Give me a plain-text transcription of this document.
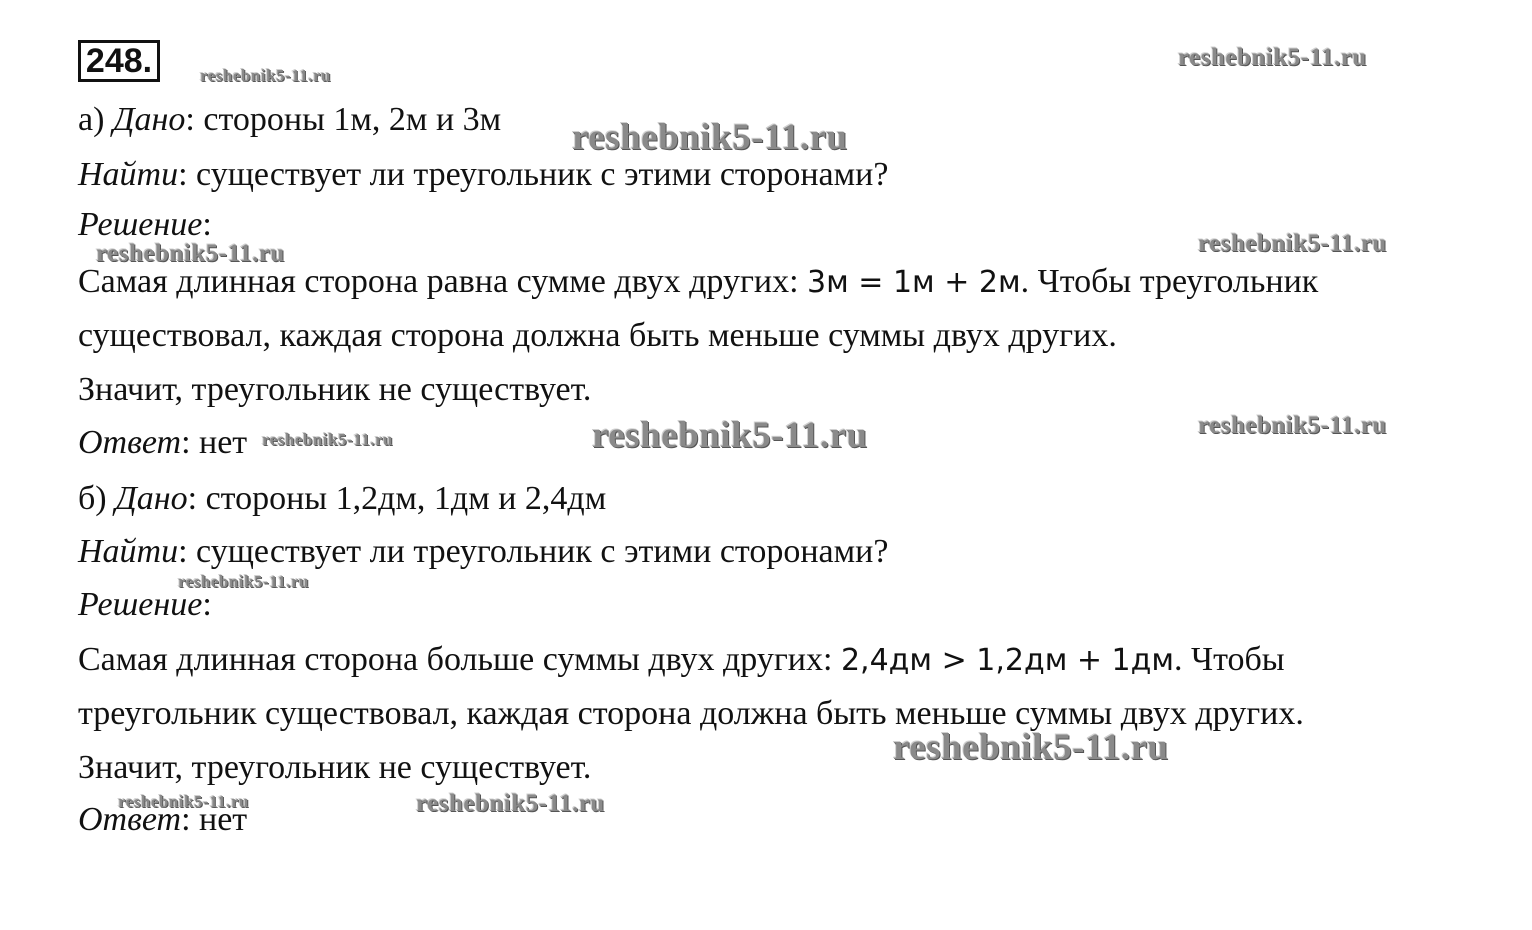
248.
а) Дано: стороны 1м, 2м и 3м
Найти: существует ли треугольник с этими сторонами?
Решение:
Самая длинная сторона равна сумме двух других: 3м = 1м + 2м. Чтобы треугольник
существовал, каждая сторона должна быть меньше суммы двух других.
Значит, треугольник не существует.
Ответ: нет
б) Дано: стороны 1,2дм, 1дм и 2,4дм
Найти: существует ли треугольник с этими сторонами?
Решение:
Самая длинная сторона больше суммы двух других: 2,4дм > 1,2дм + 1дм. Чтобы
треугольник существовал, каждая сторона должна быть меньше суммы двух других.
Значит, треугольник не существует.
Ответ: нет
reshebnik5-11.ru
reshebnik5-11.ru
reshebnik5-11.ru
reshebnik5-11.ru	reshebnik5-11.ru
reshebnik5-11.ru	reshebnik5-11.ru
reshebnik5-11.ru
reshebnik5-11.ru
reshebnik5-11.ru
reshebnik5-11.ru	reshebnik5-11.ru
